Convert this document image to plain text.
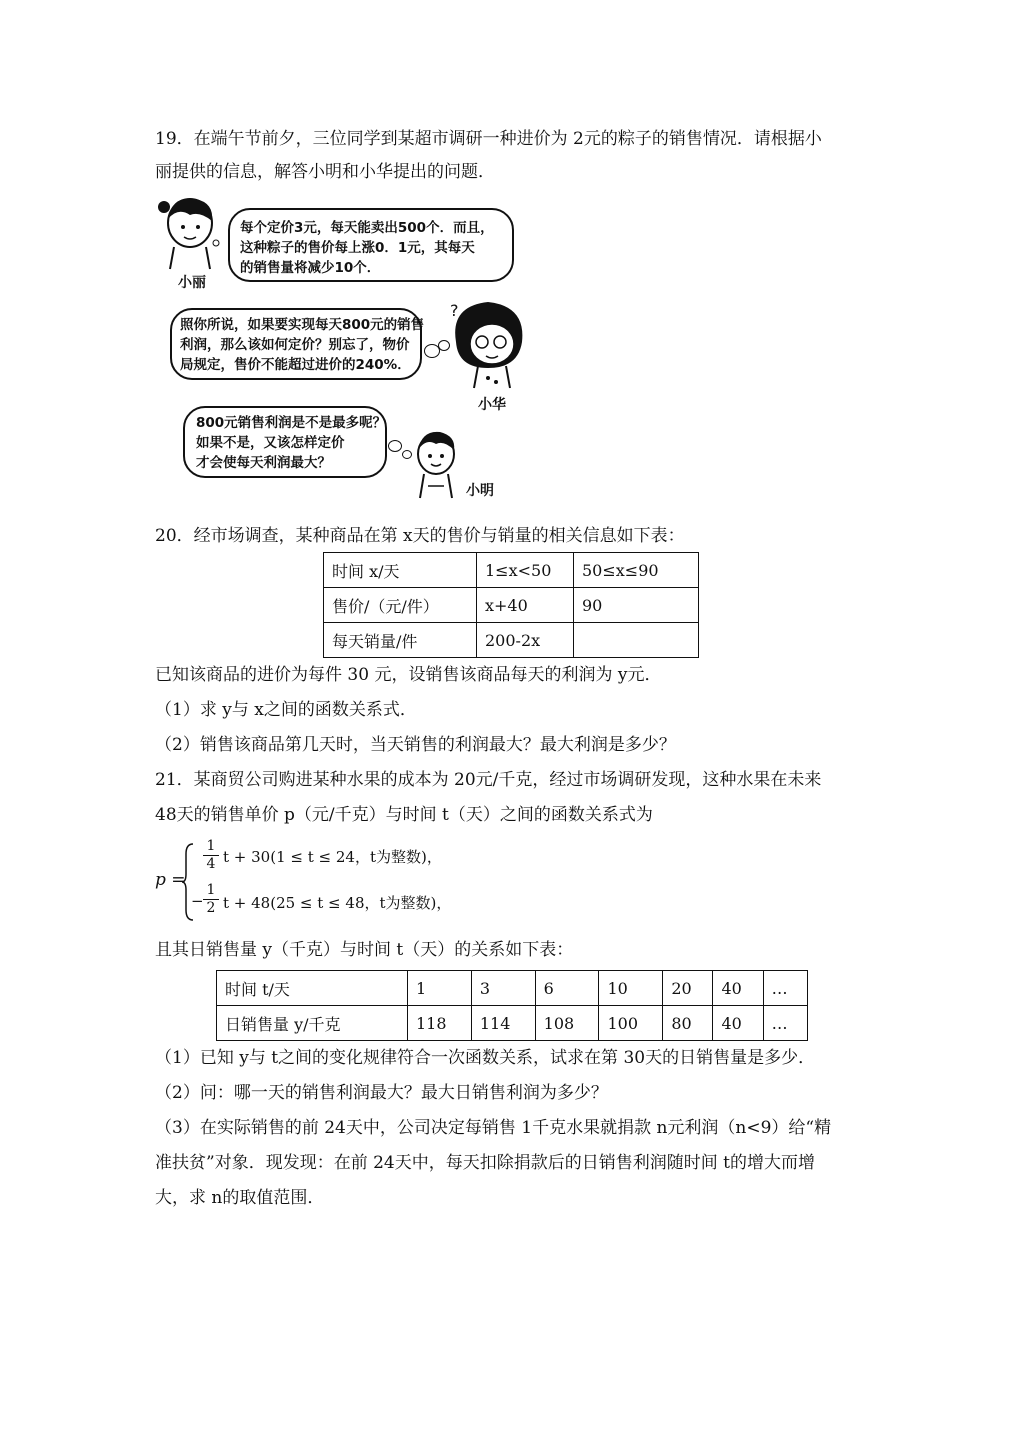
19．在端午节前夕，三位同学到某超市调研一种进价为 2元的粽子的销售情况．请根据小
丽提供的信息，解答小明和小华提出的问题．
小丽
每个定价3元，每天能卖出500个．而且，
这种粽子的售价每上涨0．1元，其每天
的销售量将减少10个．
照你所说，如果要实现每天800元的销售
利润，那么该如何定价？别忘了，物价
局规定，售价不能超过进价的240%．
?
小华
800元销售利润是不是最多呢？
如果不是，又该怎样定价
才会使每天利润最大？
小明
20．经市场调查，某种商品在第 x天的售价与销量的相关信息如下表：
时间 x/天	1≤x<50	50≤x≤90
售价/（元/件）	x+40	90
每天销量/件	200-2x	
已知该商品的进价为每件 30 元，设销售该商品每天的利润为 y元．
（1）求 y与 x之间的函数关系式．
（2）销售该商品第几天时，当天销售的利润最大？最大利润是多少？
21．某商贸公司购进某种水果的成本为 20元/千克，经过市场调研发现，这种水果在未来
48天的销售单价 p（元/千克）与时间 t（天）之间的函数关系式为
p =
$\frac{1}{4}$ t + 30(1 ≤ t ≤ 24，t为整数)，
− $\frac{1}{2}$ t + 48(25 ≤ t ≤ 48，t为整数)，
且其日销售量 y（千克）与时间 t（天）的关系如下表：
时间 t/天	1	3	6	10	20	40	…
日销售量 y/千克	118	114	108	100	80	40	…
（1）已知 y与 t之间的变化规律符合一次函数关系，试求在第 30天的日销售量是多少．
（2）问：哪一天的销售利润最大？最大日销售利润为多少？
（3）在实际销售的前 24天中，公司决定每销售 1千克水果就捐款 n元利润（n<9）给“精
准扶贫”对象．现发现：在前 24天中，每天扣除捐款后的日销售利润随时间 t的增大而增
大，求 n的取值范围．
